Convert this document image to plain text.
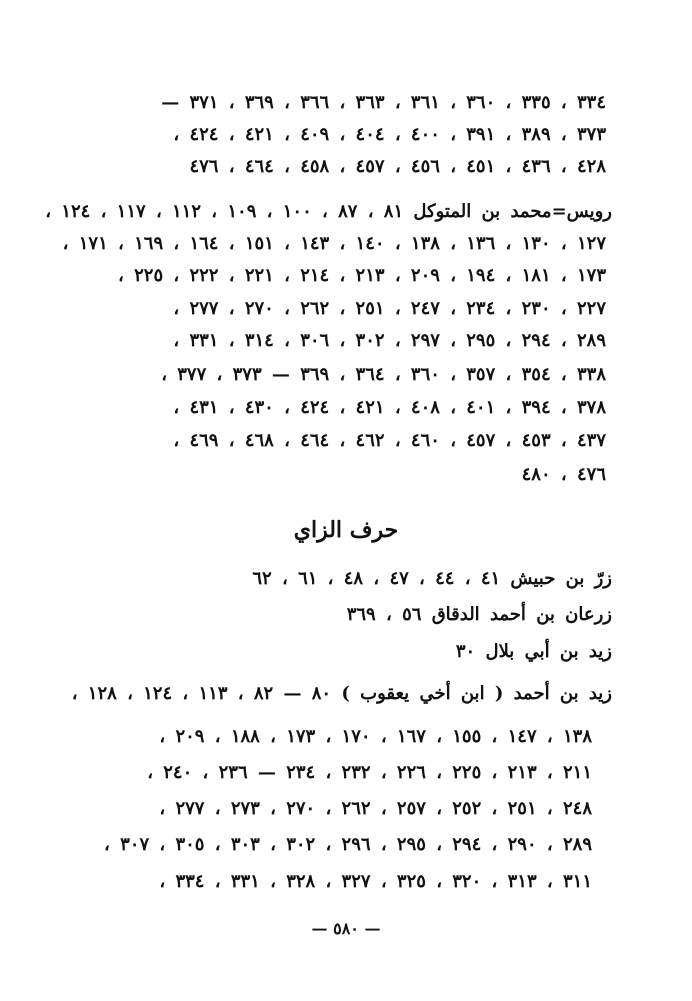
٣٣٤ ، ٣٣٥ ، ٣٦٠ ، ٣٦١ ، ٣٦٣ ، ٣٦٦ ، ٣٦٩ ، ٣٧١ —
٣٧٣ ، ٣٨٩ ، ٣٩١ ، ٤٠٠ ، ٤٠٤ ، ٤٠٩ ، ٤٢١ ، ٤٢٤ ،
٤٢٨ ، ٤٣٦ ، ٤٥١ ، ٤٥٦ ، ٤٥٧ ، ٤٥٨ ، ٤٦٤ ، ٤٧٦
رويس=محمد بن المتوكل ٨١ ، ٨٧ ، ١٠٠ ، ١٠٩ ، ١١٢ ، ١١٧ ، ١٢٤ ،
١٢٧ ، ١٣٠ ، ١٣٦ ، ١٣٨ ، ١٤٠ ، ١٤٣ ، ١٥١ ، ١٦٤ ، ١٦٩ ، ١٧١ ،
١٧٣ ، ١٨١ ، ١٩٤ ، ٢٠٩ ، ٢١٣ ، ٢١٤ ، ٢٢١ ، ٢٢٢ ، ٢٢٥ ،
٢٢٧ ، ٢٣٠ ، ٢٣٤ ، ٢٤٧ ، ٢٥١ ، ٢٦٢ ، ٢٧٠ ، ٢٧٧ ،
٢٨٩ ، ٢٩٤ ، ٢٩٥ ، ٢٩٧ ، ٣٠٢ ، ٣٠٦ ، ٣١٤ ، ٣٣١ ،
٣٣٨ ، ٣٥٤ ، ٣٥٧ ، ٣٦٠ ، ٣٦٤ ، ٣٦٩ — ٣٧٣ ، ٣٧٧ ،
٣٧٨ ، ٣٩٤ ، ٤٠١ ، ٤٠٨ ، ٤٢١ ، ٤٢٤ ، ٤٣٠ ، ٤٣١ ،
٤٣٧ ، ٤٥٣ ، ٤٥٧ ، ٤٦٠ ، ٤٦٢ ، ٤٦٤ ، ٤٦٨ ، ٤٦٩ ،
٤٧٦ ، ٤٨٠
حرف الزاي
زرّ بن حبيش ٤١ ، ٤٤ ، ٤٧ ، ٤٨ ، ٦١ ، ٦٢
زرعان بن أحمد الدقاق ٥٦ ، ٣٦٩
زيد بن أبي بلال ٣٠
زيد بن أحمد ( ابن أخي يعقوب ) ٨٠ — ٨٢ ، ١١٣ ، ١٢٤ ، ١٢٨ ،
١٣٨ ، ١٤٧ ، ١٥٥ ، ١٦٧ ، ١٧٠ ، ١٧٣ ، ١٨٨ ، ٢٠٩ ،
٢١١ ، ٢١٣ ، ٢٢٥ ، ٢٢٦ ، ٢٣٢ ، ٢٣٤ — ٢٣٦ ، ٢٤٠ ،
٢٤٨ ، ٢٥١ ، ٢٥٢ ، ٢٥٧ ، ٢٦٢ ، ٢٧٠ ، ٢٧٣ ، ٢٧٧ ،
٢٨٩ ، ٢٩٠ ، ٢٩٤ ، ٢٩٥ ، ٢٩٦ ، ٣٠٢ ، ٣٠٣ ، ٣٠٥ ، ٣٠٧ ،
٣١١ ، ٣١٣ ، ٣٢٠ ، ٣٢٥ ، ٣٢٧ ، ٣٢٨ ، ٣٣١ ، ٣٣٤ ،
— ٥٨٠ —
